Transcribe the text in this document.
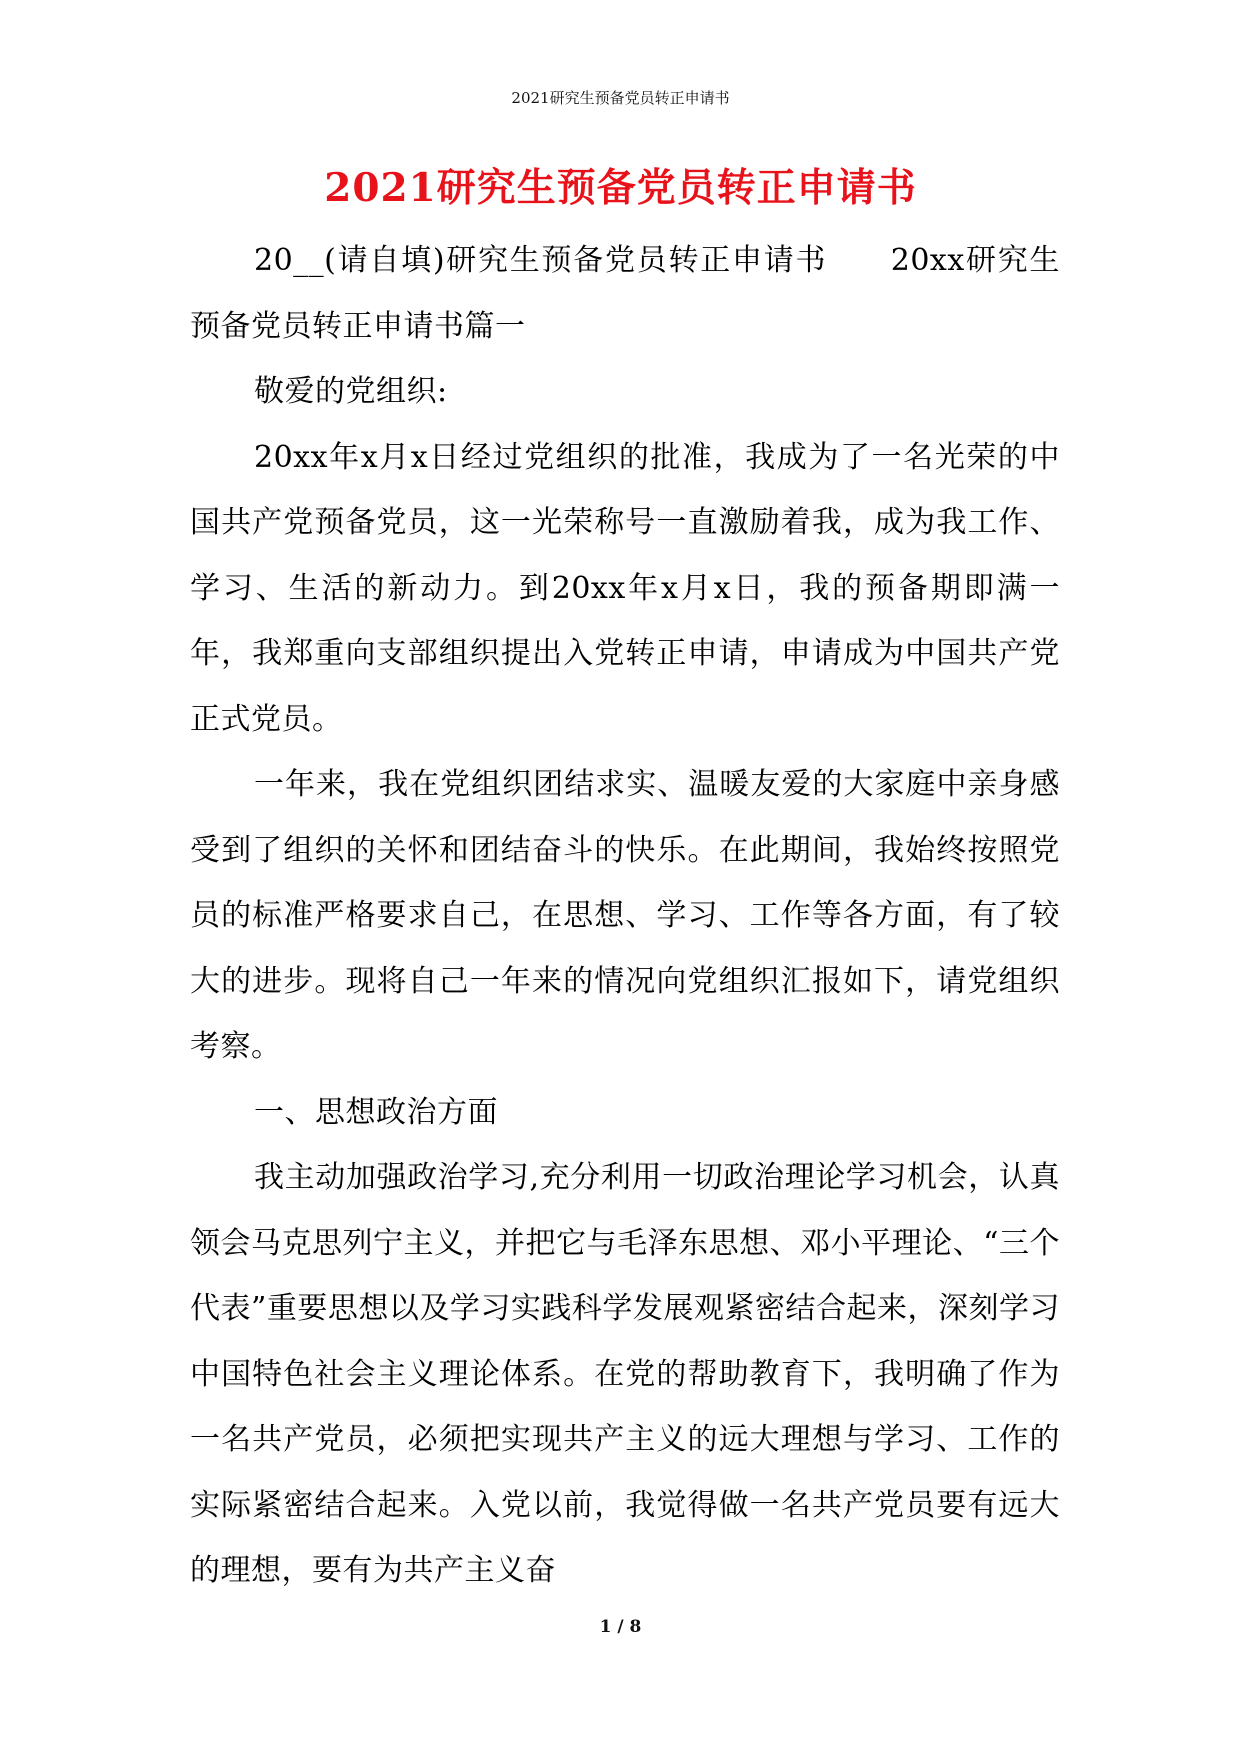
2021研究生预备党员转正申请书
2021研究生预备党员转正申请书

20__(请自填)研究生预备党员转正申请书　　20xx研究生预备党员转正申请书篇一

敬爱的党组织:

20xx年x月x日经过党组织的批准，我成为了一名光荣的中国共产党预备党员，这一光荣称号一直激励着我，成为我工作、学习、生活的新动力。到20xx年x月x日，我的预备期即满一年，我郑重向支部组织提出入党转正申请，申请成为中国共产党正式党员。

一年来，我在党组织团结求实、温暖友爱的大家庭中亲身感受到了组织的关怀和团结奋斗的快乐。在此期间，我始终按照党员的标准严格要求自己，在思想、学习、工作等各方面，有了较大的进步。现将自己一年来的情况向党组织汇报如下，请党组织考察。

一、思想政治方面

我主动加强政治学习,充分利用一切政治理论学习机会，认真领会马克思列宁主义，并把它与毛泽东思想、邓小平理论、“三个代表”重要思想以及学习实践科学发展观紧密结合起来，深刻学习中国特色社会主义理论体系。在党的帮助教育下，我明确了作为一名共产党员，必须把实现共产主义的远大理想与学习、工作的实际紧密结合起来。入党以前，我觉得做一名共产党员要有远大的理想，要有为共产主义奋

1 / 8
